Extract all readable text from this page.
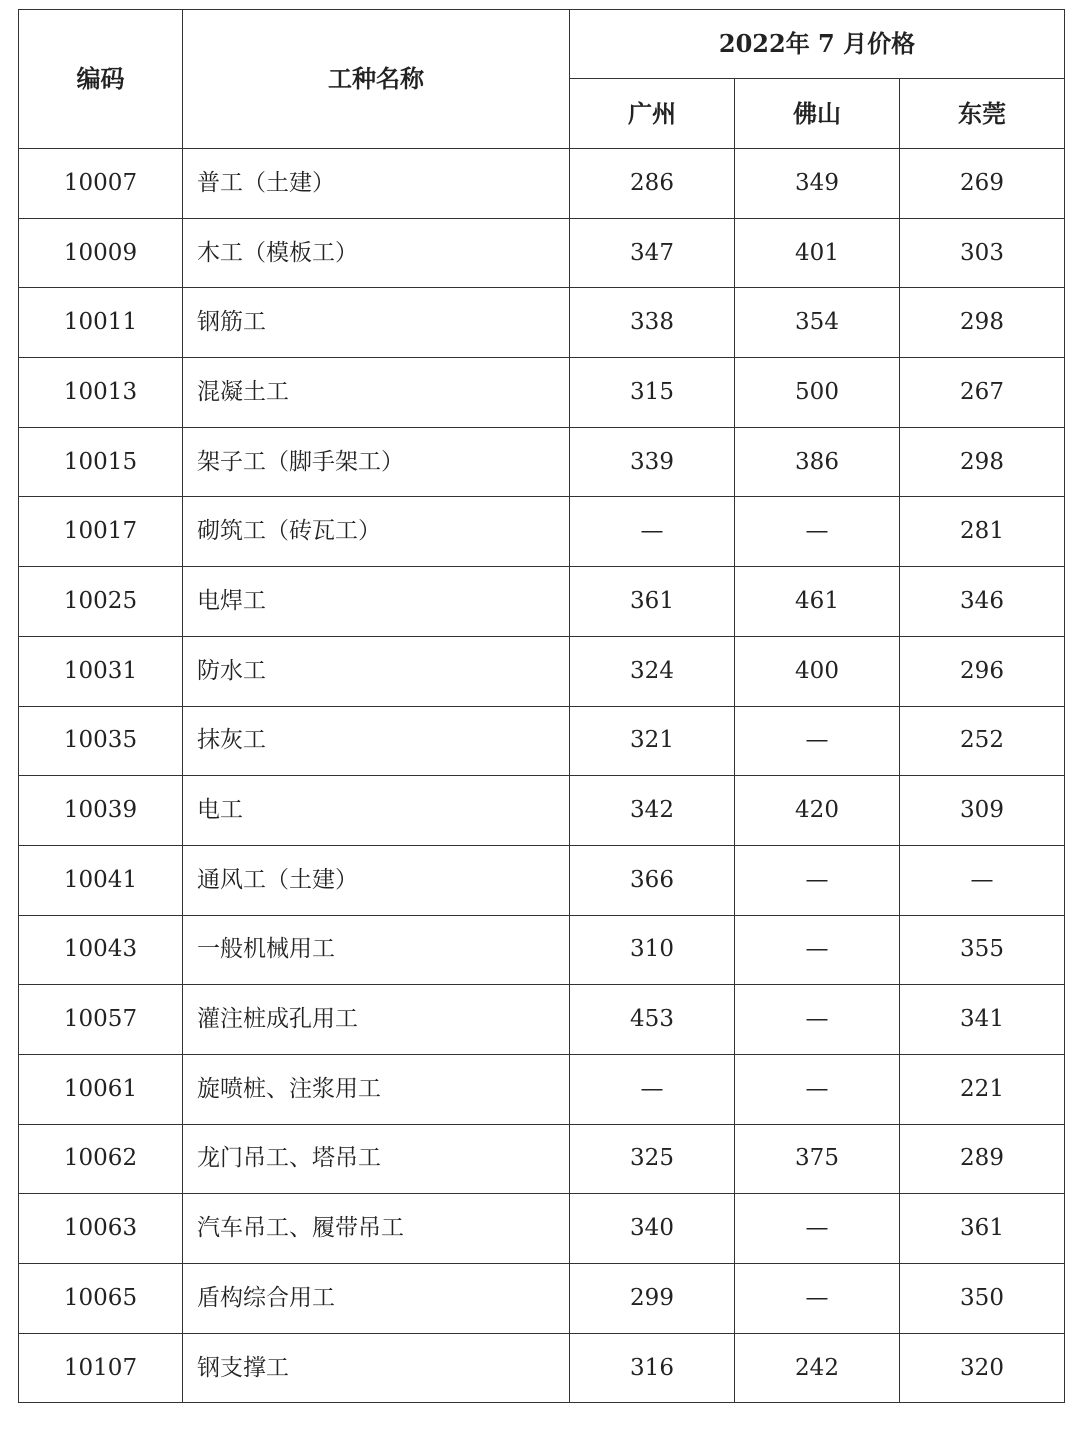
编码	工种名称	2022年 7 月价格		
		广州	佛山	东莞
10007	普工（土建）	286	349	269
10009	木工（模板工）	347	401	303
10011	钢筋工	338	354	298
10013	混凝土工	315	500	267
10015	架子工（脚手架工）	339	386	298
10017	砌筑工（砖瓦工）	—	—	281
10025	电焊工	361	461	346
10031	防水工	324	400	296
10035	抹灰工	321	—	252
10039	电工	342	420	309
10041	通风工（土建）	366	—	—
10043	一般机械用工	310	—	355
10057	灌注桩成孔用工	453	—	341
10061	旋喷桩、注浆用工	—	—	221
10062	龙门吊工、塔吊工	325	375	289
10063	汽车吊工、履带吊工	340	—	361
10065	盾构综合用工	299	—	350
10107	钢支撑工	316	242	320
